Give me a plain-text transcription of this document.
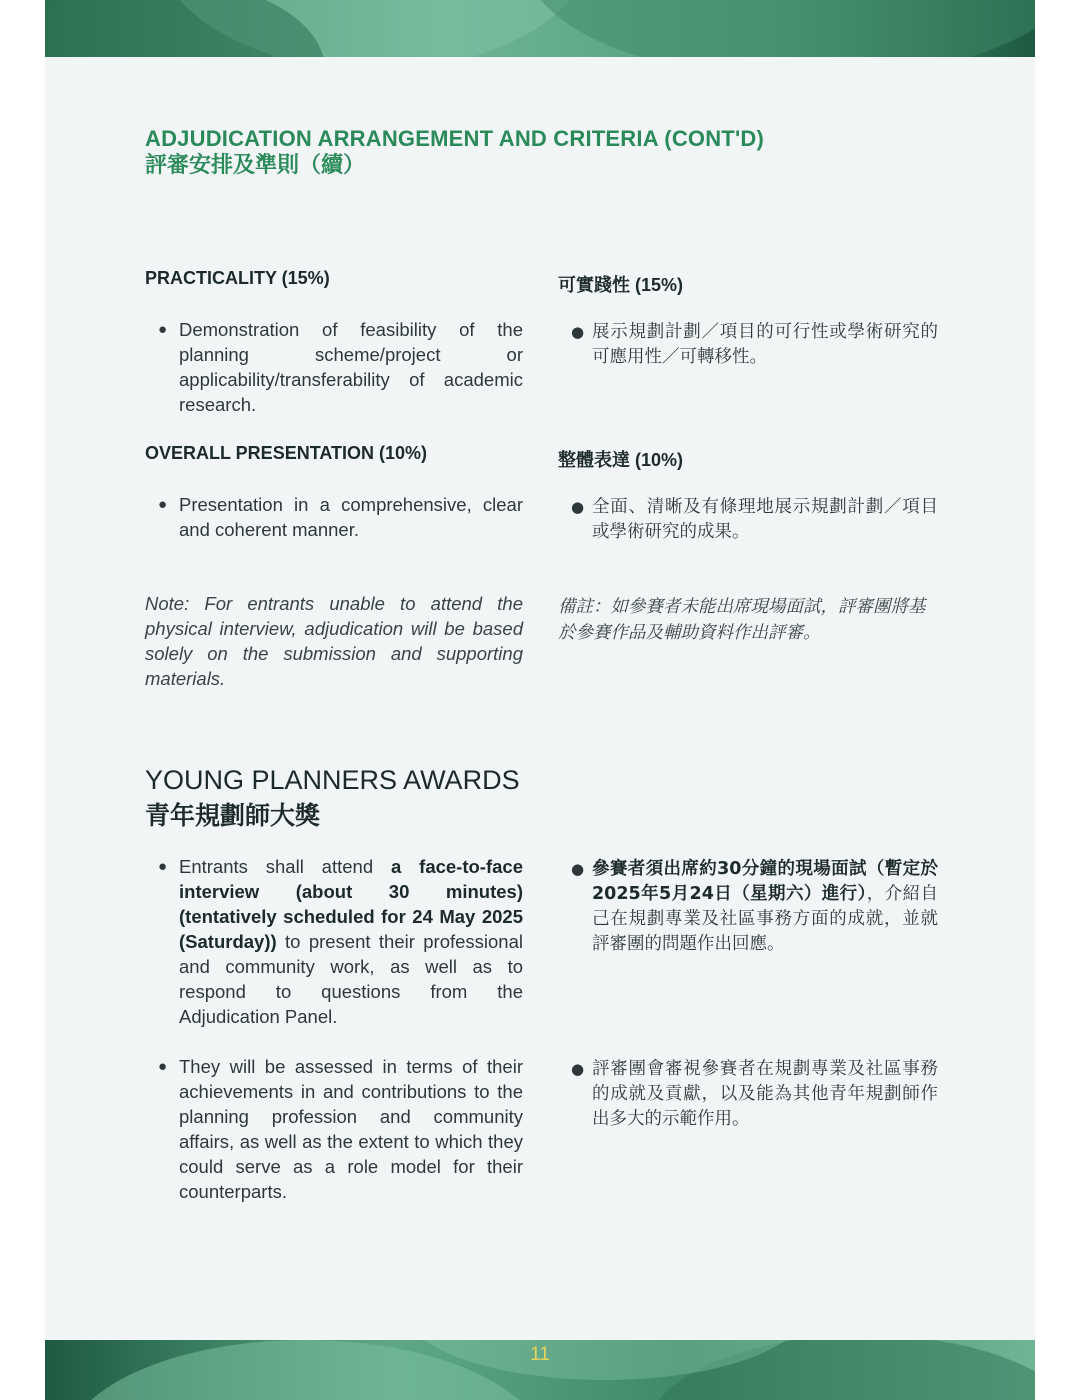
ADJUDICATION ARRANGEMENT AND CRITERIA (CONT'D)
評審安排及準則（續）
PRACTICALITY (15%)	可實踐性 (15%)
● Demonstration of feasibility of the planning scheme/project or applicability/transferability of academic research.
● 展示規劃計劃／項目的可行性或學術研究的可應用性／可轉移性。
OVERALL PRESENTATION (10%)	整體表達 (10%)
● Presentation in a comprehensive, clear and coherent manner.
● 全面、清晰及有條理地展示規劃計劃／項目或學術研究的成果。

Note: For entrants unable to attend the physical interview, adjudication will be based solely on the submission and supporting materials.

備註：如參賽者未能出席現場面試，評審團將基於參賽作品及輔助資料作出評審。

YOUNG PLANNERS AWARDS
青年規劃師大獎
● Entrants shall attend a face-to-face interview (about 30 minutes) (tentatively scheduled for 24 May 2025 (Saturday)) to present their professional and community work, as well as to respond to questions from the Adjudication Panel.
● They will be assessed in terms of their achievements in and contributions to the planning profession and community affairs, as well as the extent to which they could serve as a role model for their counterparts.
● 參賽者須出席約30分鐘的現場面試（暫定於2025年5月24日（星期六）進行），介紹自己在規劃專業及社區事務方面的成就，並就評審團的問題作出回應。
● 評審團會審視參賽者在規劃專業及社區事務的成就及貢獻，以及能為其他青年規劃師作出多大的示範作用。
11
